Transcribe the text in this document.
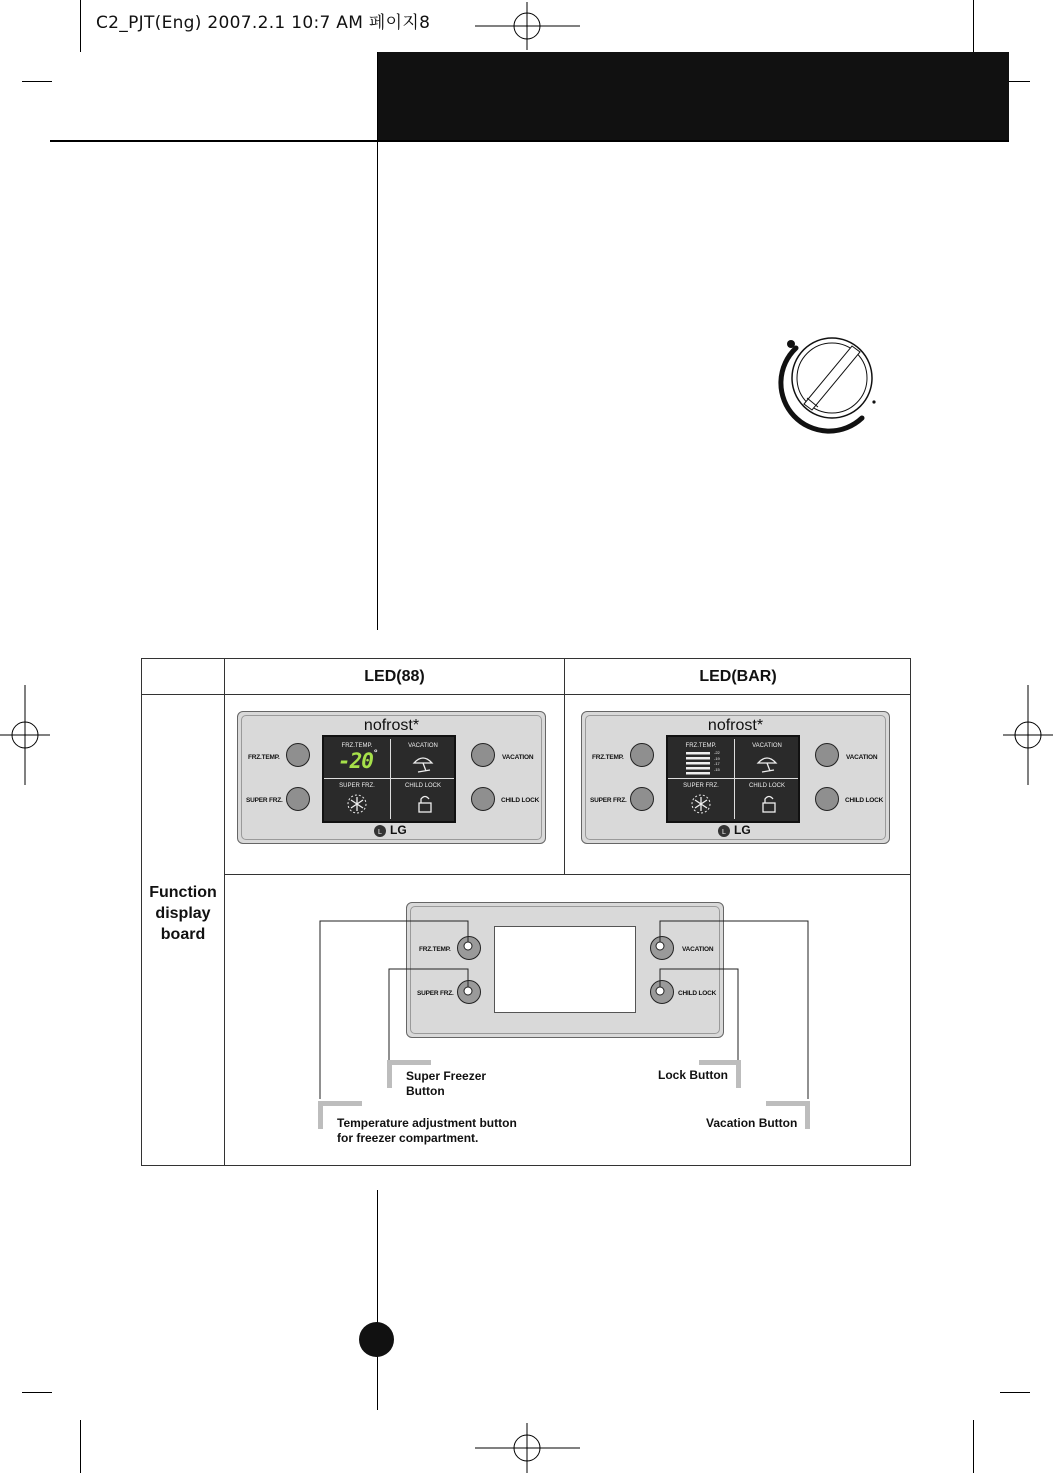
C2_PJT(Eng) 2007.2.1 10:7 AM 페이지8
LED(88)	LED(BAR)
Function
display
board
nofrost*
FRZ.TEMP.	VACATION
SUPER FRZ.	CHILD LOCK
-20°
FRZ.TEMP.
SUPER FRZ.
VACATION
CHILD LOCK
L LG
nofrost*
FRZ.TEMP.	VACATION
SUPER FRZ.	CHILD LOCK
-22
-19
-17
-15
FRZ.TEMP.
SUPER FRZ.
VACATION
CHILD LOCK
L LG
FRZ.TEMP.
SUPER FRZ.
VACATION
CHILD LOCK
Super Freezer
Button
Lock Button
Temperature adjustment button
for freezer compartment.
Vacation Button
